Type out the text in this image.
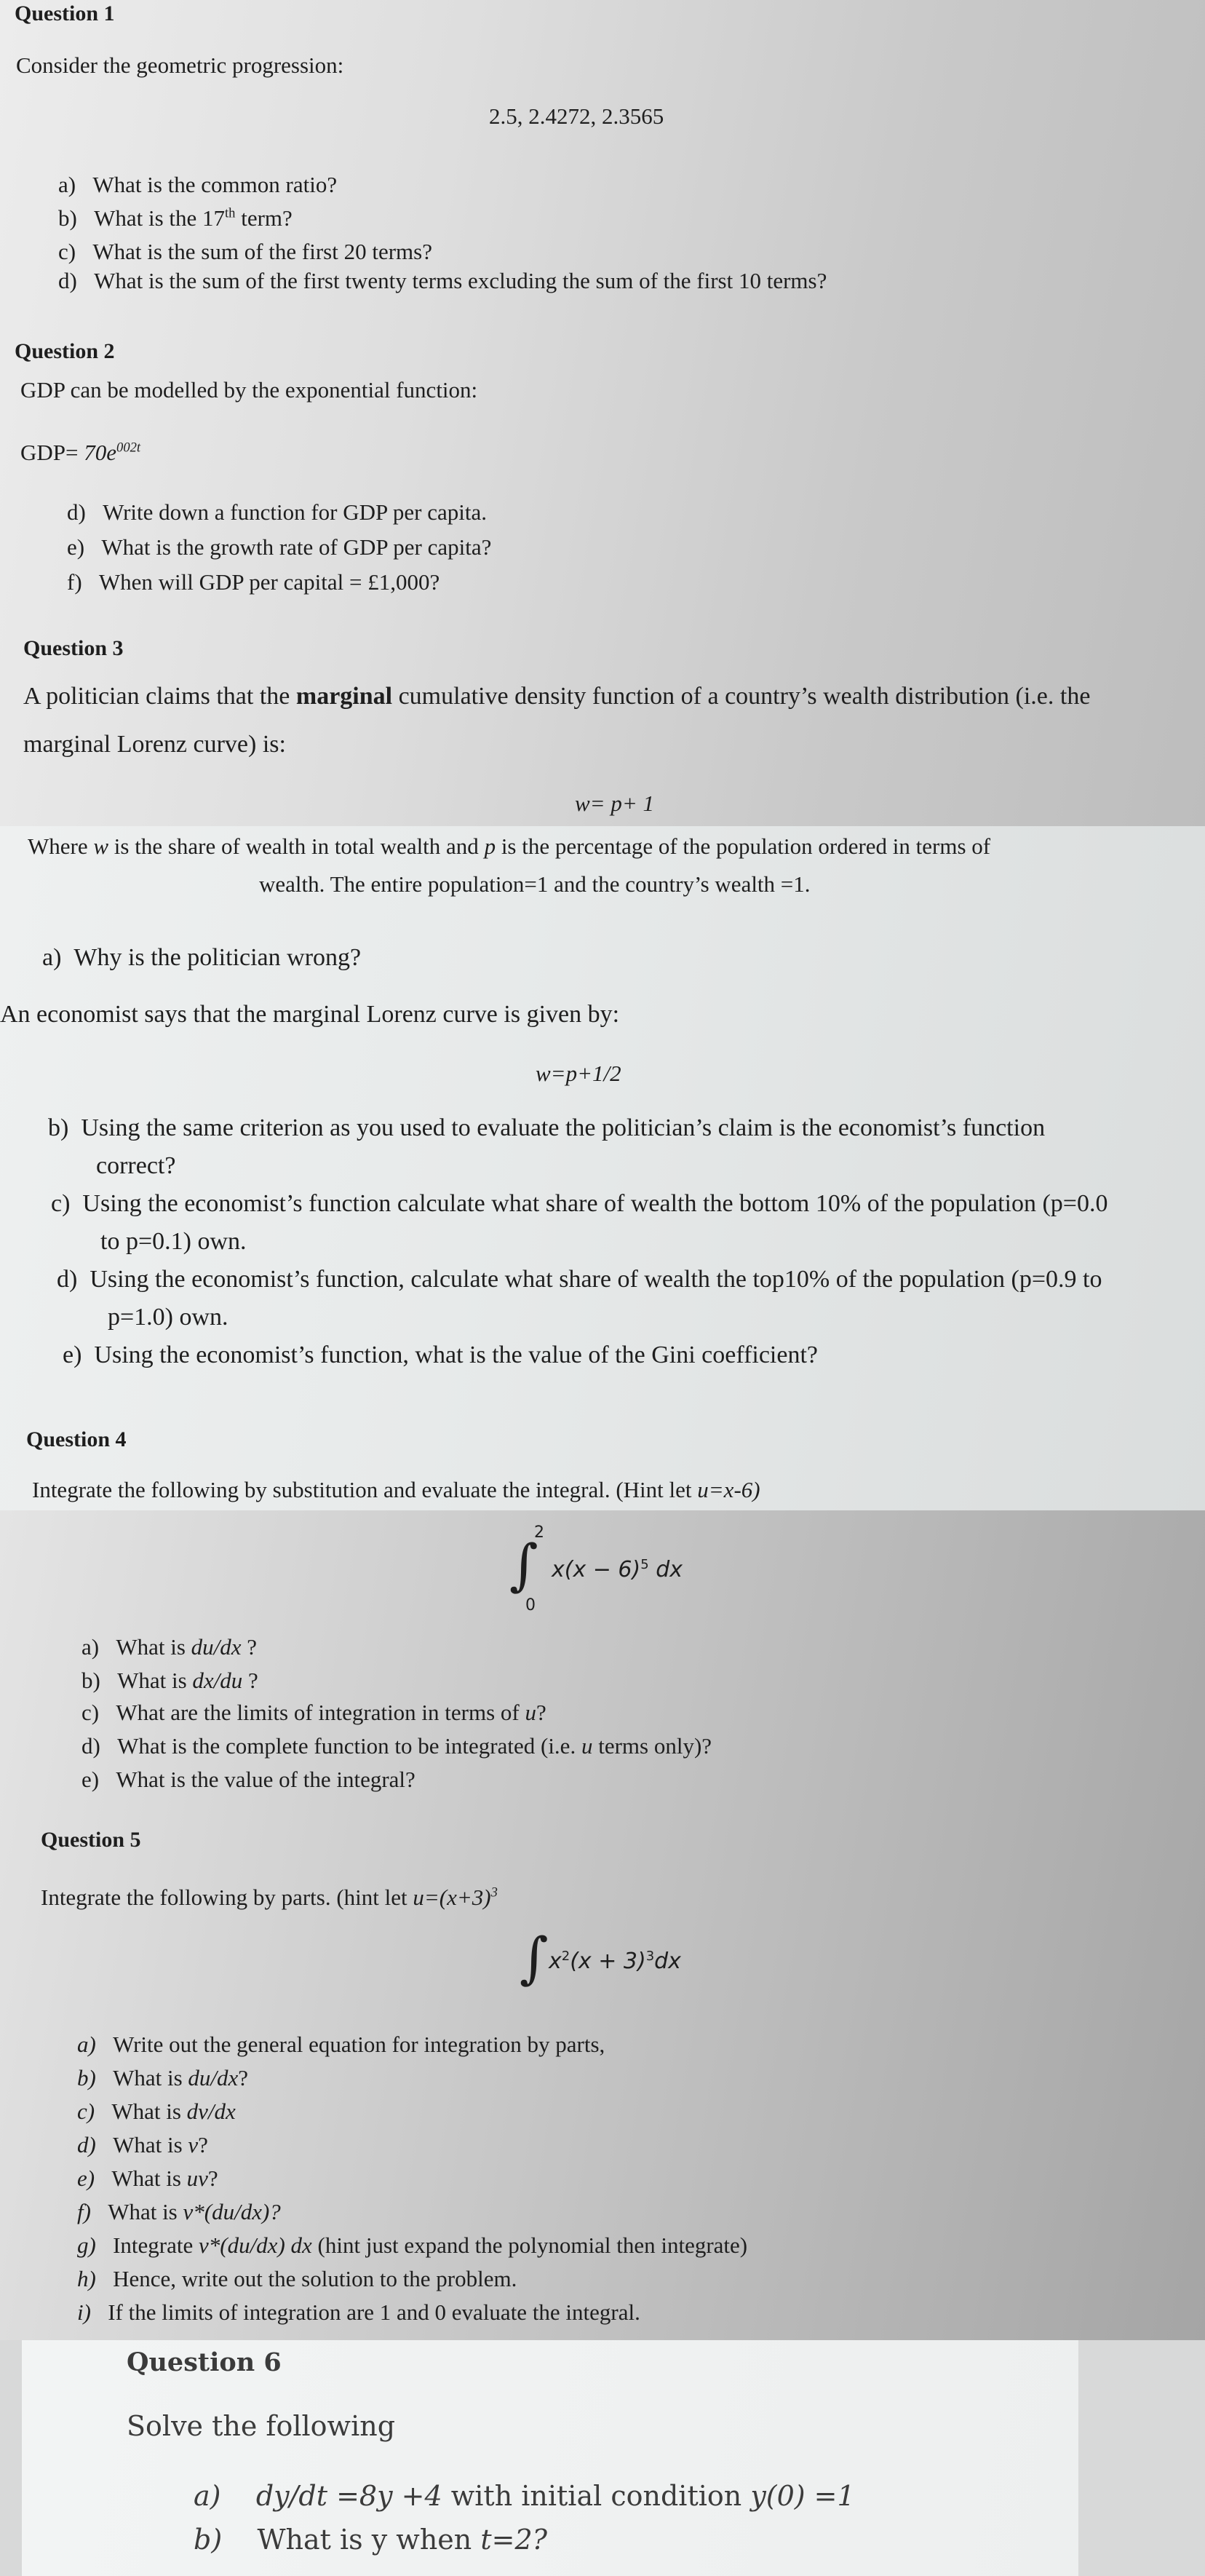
Question 1
Consider the geometric progression:
2.5, 2.4272, 2.3565
a) What is the common ratio?
b) What is the 17th term?
c) What is the sum of the first 20 terms?
d) What is the sum of the first twenty terms excluding the sum of the first 10 terms?
Question 2
GDP can be modelled by the exponential function:
$GDP= 70e^{002t}$
d) Write down a function for GDP per capita.
e) What is the growth rate of GDP per capita?
f) When will GDP per capital = £1,000?
Question 3
A politician claims that the marginal cumulative density function of a country’s wealth distribution (i.e. the
marginal Lorenz curve) is:
w= p+ 1
Where w is the share of wealth in total wealth and p is the percentage of the population ordered in terms of
wealth. The entire population=1 and the country’s wealth =1.
a) Why is the politician wrong?
An economist says that the marginal Lorenz curve is given by:
w=p+1/2
b) Using the same criterion as you used to evaluate the politician’s claim is the economist’s function
correct?
c) Using the economist’s function calculate what share of wealth the bottom 10% of the population (p=0.0
to p=0.1) own.
d) Using the economist’s function, calculate what share of wealth the top10% of the population (p=0.9 to
p=1.0) own.
e) Using the economist’s function, what is the value of the Gini coefficient?
Question 4
Integrate the following by substitution and evaluate the integral. (Hint let u=x-6)
∫
2
0
$x(x - 6)^5$ dx
a) What is du/dx ?
b) What is dx/du ?
c) What are the limits of integration in terms of u?
d) What is the complete function to be integrated (i.e. u terms only)?
e) What is the value of the integral?
Question 5
Integrate the following by parts. (hint let $u=(x+3)^3$
∫ $x^2(x + 3)^3dx$
a) Write out the general equation for integration by parts,
b) What is du/dx?
c) What is dv/dx
d) What is v?
e) What is uv?
f) What is v*(du/dx)?
g) Integrate v*(du/dx) dx (hint just expand the polynomial then integrate)
h) Hence, write out the solution to the problem.
i) If the limits of integration are 1 and 0 evaluate the integral.
Question 6
Solve the following
a) dy/dt =8y +4 with initial condition y(0) =1
b) What is y when t=2?
